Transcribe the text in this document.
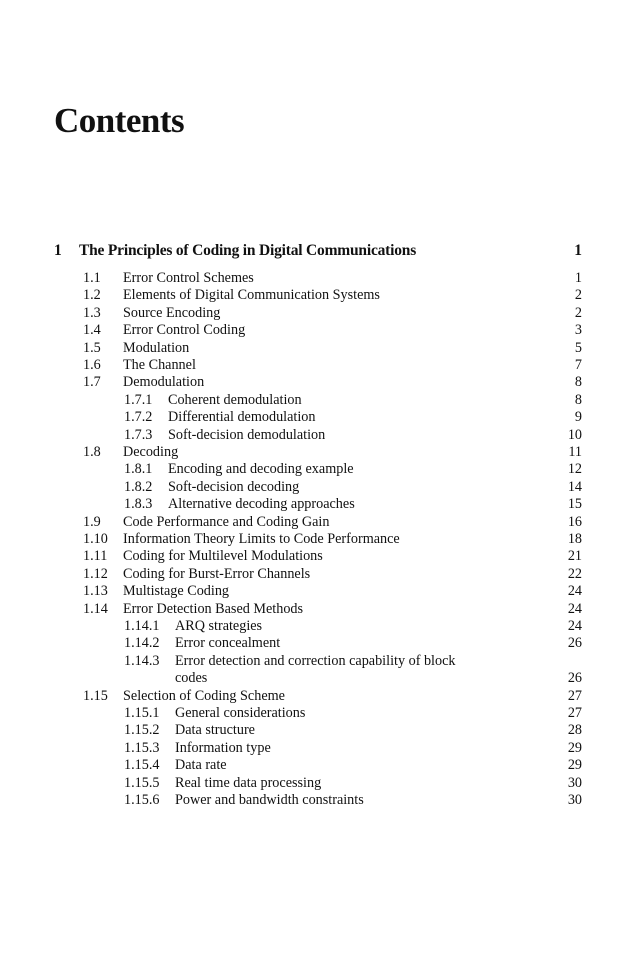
Contents
1 The Principles of Coding in Digital Communications	1
1.1 Error Control Schemes	1
1.2 Elements of Digital Communication Systems	2
1.3 Source Encoding	2
1.4 Error Control Coding	3
1.5 Modulation	5
1.6 The Channel	7
1.7 Demodulation	8
1.7.1 Coherent demodulation	8
1.7.2 Differential demodulation	9
1.7.3 Soft-decision demodulation	10
1.8 Decoding	11
1.8.1 Encoding and decoding example	12
1.8.2 Soft-decision decoding	14
1.8.3 Alternative decoding approaches	15
1.9 Code Performance and Coding Gain	16
1.10 Information Theory Limits to Code Performance	18
1.11 Coding for Multilevel Modulations	21
1.12 Coding for Burst-Error Channels	22
1.13 Multistage Coding	24
1.14 Error Detection Based Methods	24
1.14.1 ARQ strategies	24
1.14.2 Error concealment	26
1.14.3 Error detection and correction capability of block
codes	26
1.15 Selection of Coding Scheme	27
1.15.1 General considerations	27
1.15.2 Data structure	28
1.15.3 Information type	29
1.15.4 Data rate	29
1.15.5 Real time data processing	30
1.15.6 Power and bandwidth constraints	30
